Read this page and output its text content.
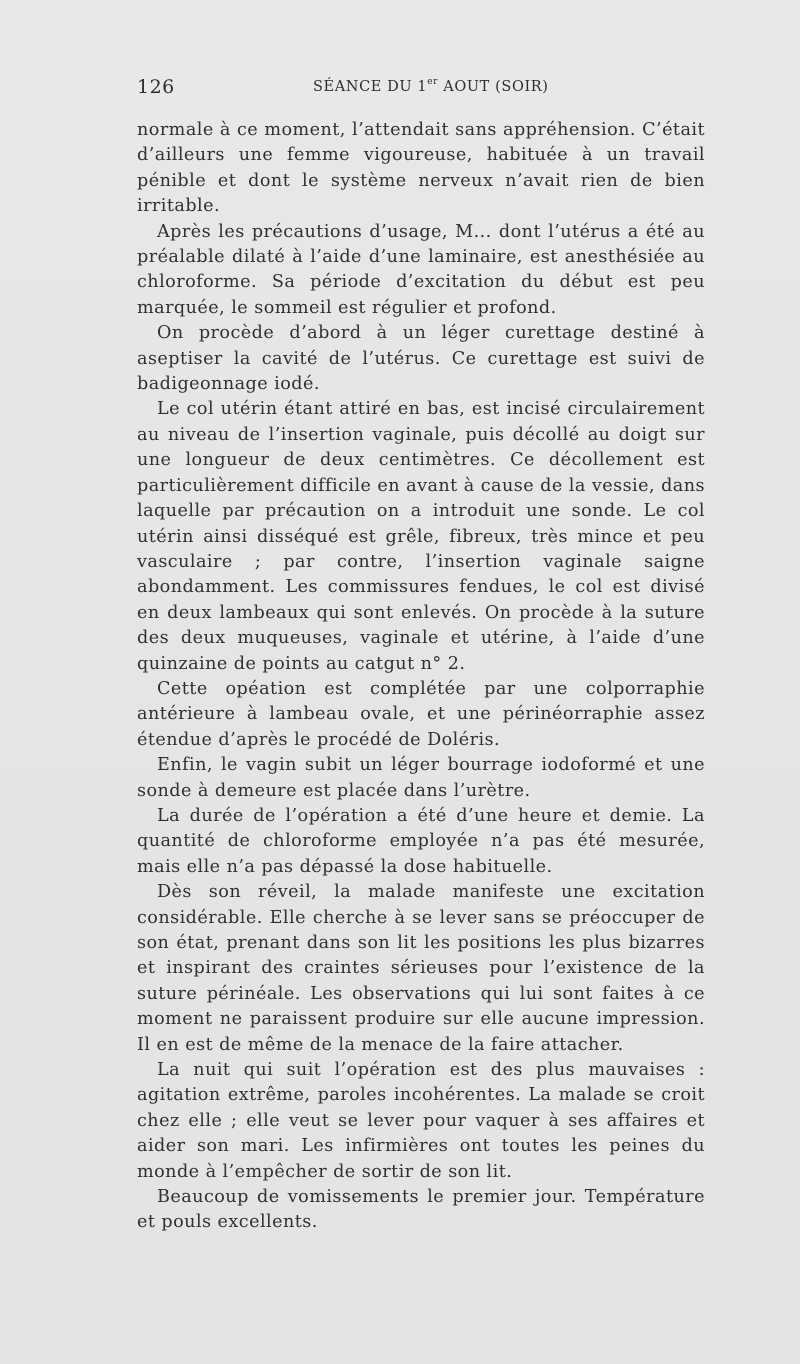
126	SÉANCE DU 1er AOUT (SOIR)

normale à ce moment, l’attendait sans appréhension. C’était d’ailleurs une femme vigoureuse, habituée à un travail pénible et dont le système nerveux n’avait rien de bien irritable.

Après les précautions d’usage, M... dont l’utérus a été au préalable dilaté à l’aide d’une laminaire, est anesthésiée au chloroforme. Sa période d’excitation du début est peu marquée, le sommeil est régulier et profond.

On procède d’abord à un léger curettage destiné à aseptiser la cavité de l’utérus. Ce curettage est suivi de badigeonnage iodé.

Le col utérin étant attiré en bas, est incisé circulairement au niveau de l’insertion vaginale, puis décollé au doigt sur une longueur de deux centimètres. Ce décollement est particulièrement difficile en avant à cause de la vessie, dans laquelle par précaution on a introduit une sonde. Le col utérin ainsi disséqué est grêle, fibreux, très mince et peu vasculaire ; par contre, l’insertion vaginale saigne abondamment. Les commissures fendues, le col est divisé en deux lambeaux qui sont enlevés. On procède à la suture des deux muqueuses, vaginale et utérine, à l’aide d’une quinzaine de points au catgut n° 2.

Cette opéation est complétée par une colporraphie antérieure à lambeau ovale, et une périnéorraphie assez étendue d’après le procédé de Doléris.

Enfin, le vagin subit un léger bourrage iodoformé et une sonde à demeure est placée dans l’urètre.

La durée de l’opération a été d’une heure et demie. La quantité de chloroforme employée n’a pas été mesurée, mais elle n’a pas dépassé la dose habituelle.

Dès son réveil, la malade manifeste une excitation considérable. Elle cherche à se lever sans se préoccuper de son état, prenant dans son lit les positions les plus bizarres et inspirant des craintes sérieuses pour l’existence de la suture périnéale. Les observations qui lui sont faites à ce moment ne paraissent produire sur elle aucune impression. Il en est de même de la menace de la faire attacher.

La nuit qui suit l’opération est des plus mauvaises : agitation extrême, paroles incohérentes. La malade se croit chez elle ; elle veut se lever pour vaquer à ses affaires et aider son mari. Les infirmières ont toutes les peines du monde à l’empêcher de sortir de son lit.

Beaucoup de vomissements le premier jour. Température et pouls excellents.
